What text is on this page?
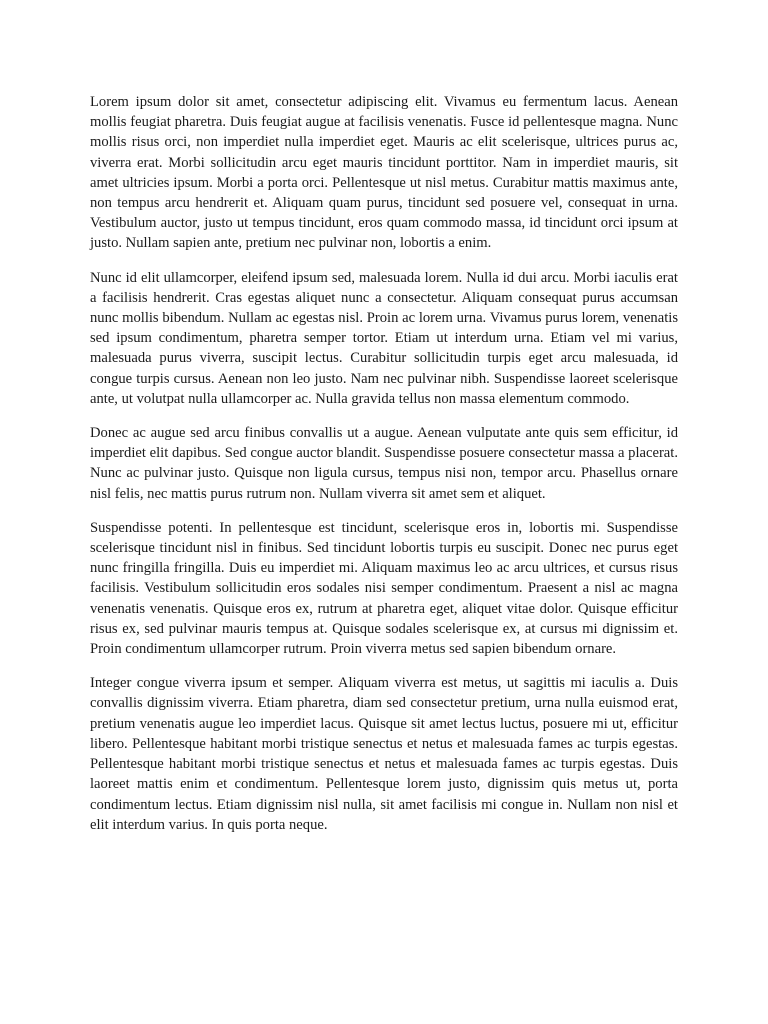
Lorem ipsum dolor sit amet, consectetur adipiscing elit. Vivamus eu fermentum lacus. Aenean mollis feugiat pharetra. Duis feugiat augue at facilisis venenatis. Fusce id pellentesque magna. Nunc mollis risus orci, non imperdiet nulla imperdiet eget. Mauris ac elit scelerisque, ultrices purus ac, viverra erat. Morbi sollicitudin arcu eget mauris tincidunt porttitor. Nam in imperdiet mauris, sit amet ultricies ipsum. Morbi a porta orci. Pellentesque ut nisl metus. Curabitur mattis maximus ante, non tempus arcu hendrerit et. Aliquam quam purus, tincidunt sed posuere vel, consequat in urna. Vestibulum auctor, justo ut tempus tincidunt, eros quam commodo massa, id tincidunt orci ipsum at justo. Nullam sapien ante, pretium nec pulvinar non, lobortis a enim.

Nunc id elit ullamcorper, eleifend ipsum sed, malesuada lorem. Nulla id dui arcu. Morbi iaculis erat a facilisis hendrerit. Cras egestas aliquet nunc a consectetur. Aliquam consequat purus accumsan nunc mollis bibendum. Nullam ac egestas nisl. Proin ac lorem urna. Vivamus purus lorem, venenatis sed ipsum condimentum, pharetra semper tortor. Etiam ut interdum urna. Etiam vel mi varius, malesuada purus viverra, suscipit lectus. Curabitur sollicitudin turpis eget arcu malesuada, id congue turpis cursus. Aenean non leo justo. Nam nec pulvinar nibh. Suspendisse laoreet scelerisque ante, ut volutpat nulla ullamcorper ac. Nulla gravida tellus non massa elementum commodo.

Donec ac augue sed arcu finibus convallis ut a augue. Aenean vulputate ante quis sem efficitur, id imperdiet elit dapibus. Sed congue auctor blandit. Suspendisse posuere consectetur massa a placerat. Nunc ac pulvinar justo. Quisque non ligula cursus, tempus nisi non, tempor arcu. Phasellus ornare nisl felis, nec mattis purus rutrum non. Nullam viverra sit amet sem et aliquet.

Suspendisse potenti. In pellentesque est tincidunt, scelerisque eros in, lobortis mi. Suspendisse scelerisque tincidunt nisl in finibus. Sed tincidunt lobortis turpis eu suscipit. Donec nec purus eget nunc fringilla fringilla. Duis eu imperdiet mi. Aliquam maximus leo ac arcu ultrices, et cursus risus facilisis. Vestibulum sollicitudin eros sodales nisi semper condimentum. Praesent a nisl ac magna venenatis venenatis. Quisque eros ex, rutrum at pharetra eget, aliquet vitae dolor. Quisque efficitur risus ex, sed pulvinar mauris tempus at. Quisque sodales scelerisque ex, at cursus mi dignissim et. Proin condimentum ullamcorper rutrum. Proin viverra metus sed sapien bibendum ornare.

Integer congue viverra ipsum et semper. Aliquam viverra est metus, ut sagittis mi iaculis a. Duis convallis dignissim viverra. Etiam pharetra, diam sed consectetur pretium, urna nulla euismod erat, pretium venenatis augue leo imperdiet lacus. Quisque sit amet lectus luctus, posuere mi ut, efficitur libero. Pellentesque habitant morbi tristique senectus et netus et malesuada fames ac turpis egestas. Pellentesque habitant morbi tristique senectus et netus et malesuada fames ac turpis egestas. Duis laoreet mattis enim et condimentum. Pellentesque lorem justo, dignissim quis metus ut, porta condimentum lectus. Etiam dignissim nisl nulla, sit amet facilisis mi congue in. Nullam non nisl et elit interdum varius. In quis porta neque.
